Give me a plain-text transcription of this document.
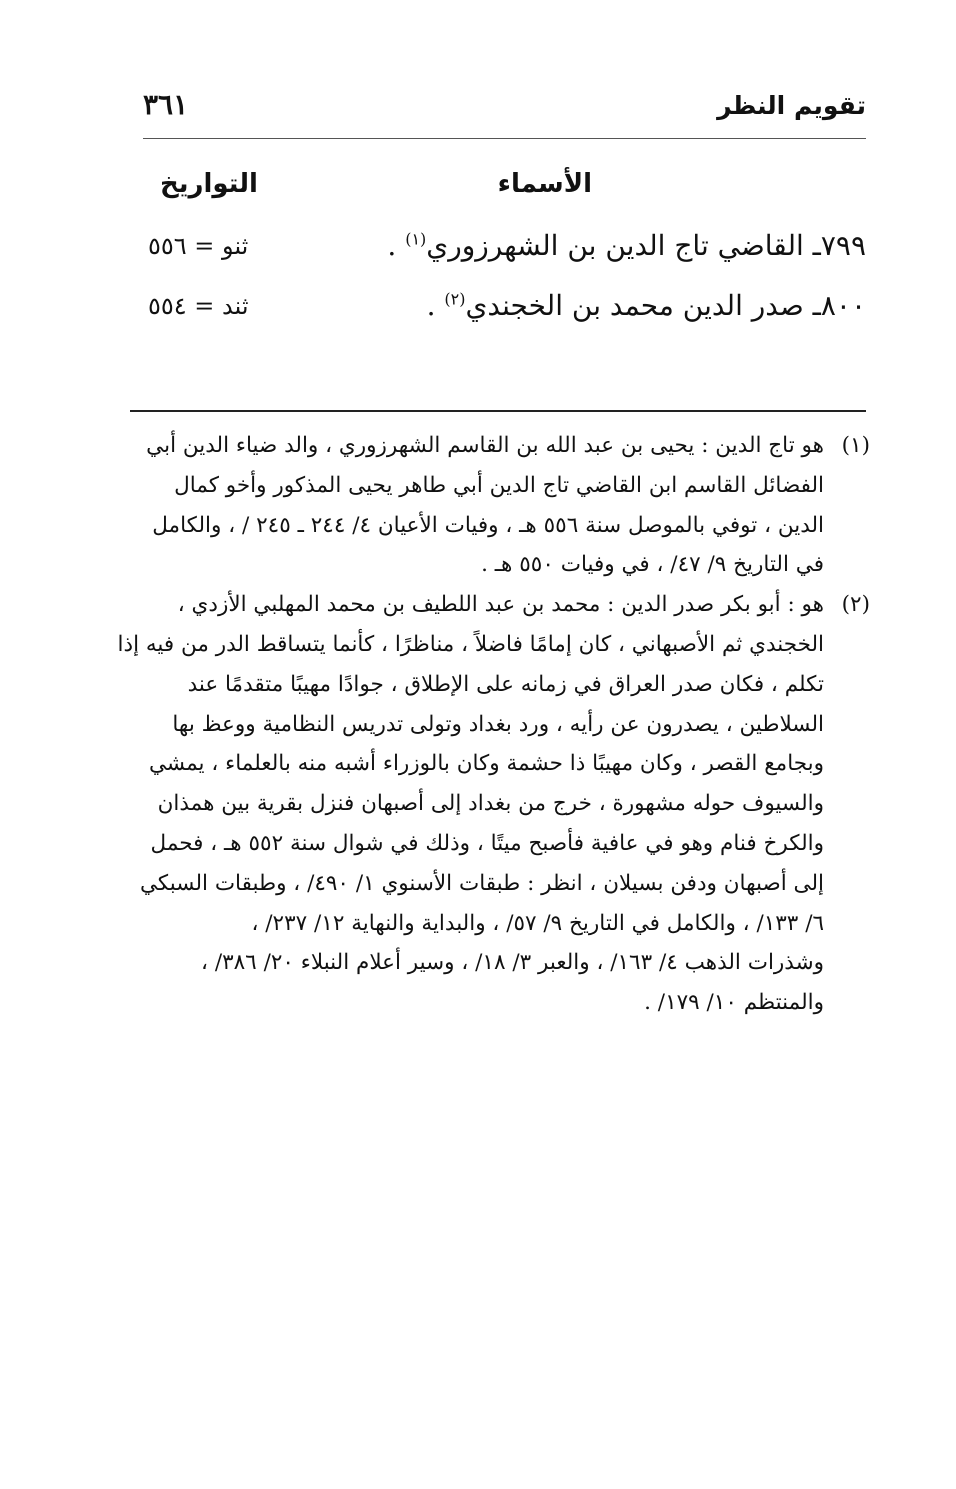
تقويم النظر
٣٦١
الأسماء
التواريخ
٧٩٩ـ القاضي تاج الدين بن الشهرزوري$^{(١)}$ .
ثنو = ٥٥٦
٨٠٠ـ صدر الدين محمد بن الخجندي$^{(٢)}$ .
ثند = ٥٥٤
(١)
هو تاج الدين : يحيى بن عبد الله بن القاسم الشهرزوري ، والد ضياء الدين أبي
الفضائل القاسم ابن القاضي تاج الدين أبي طاهر يحيى المذكور وأخو كمال
الدين ، توفي بالموصل سنة ٥٥٦ هـ ، وفيات الأعيان ٤/ ٢٤٤ ـ ٢٤٥ / ، والكامل
في التاريخ ٩/ ٤٧/ ، في وفيات ٥٥٠ هـ .
(٢)
هو : أبو بكر صدر الدين : محمد بن عبد اللطيف بن محمد المهلبي الأزدي ،
الخجندي ثم الأصبهاني ، كان إمامًا فاضلاً ، مناظرًا ، كأنما يتساقط الدر من فيه إذا
تكلم ، فكان صدر العراق في زمانه على الإطلاق ، جوادًا مهيبًا متقدمًا عند
السلاطين ، يصدرون عن رأيه ، ورد بغداد وتولى تدريس النظامية ووعظ بها
وبجامع القصر ، وكان مهيبًا ذا حشمة وكان بالوزراء أشبه منه بالعلماء ، يمشي
والسيوف حوله مشهورة ، خرج من بغداد إلى أصبهان فنزل بقرية بين همذان
والكرخ فنام وهو في عافية فأصبح ميتًا ، وذلك في شوال سنة ٥٥٢ هـ ، فحمل
إلى أصبهان ودفن بسيلان ، انظر : طبقات الأسنوي ١/ ٤٩٠/ ، وطبقات السبكي
٦/ ١٣٣/ ، والكامل في التاريخ ٩/ ٥٧/ ، والبداية والنهاية ١٢/ ٢٣٧/ ،
وشذرات الذهب ٤/ ١٦٣/ ، والعبر ٣/ ١٨/ ، وسير أعلام النبلاء ٢٠/ ٣٨٦/ ،
والمنتظم ١٠/ ١٧٩/ .
